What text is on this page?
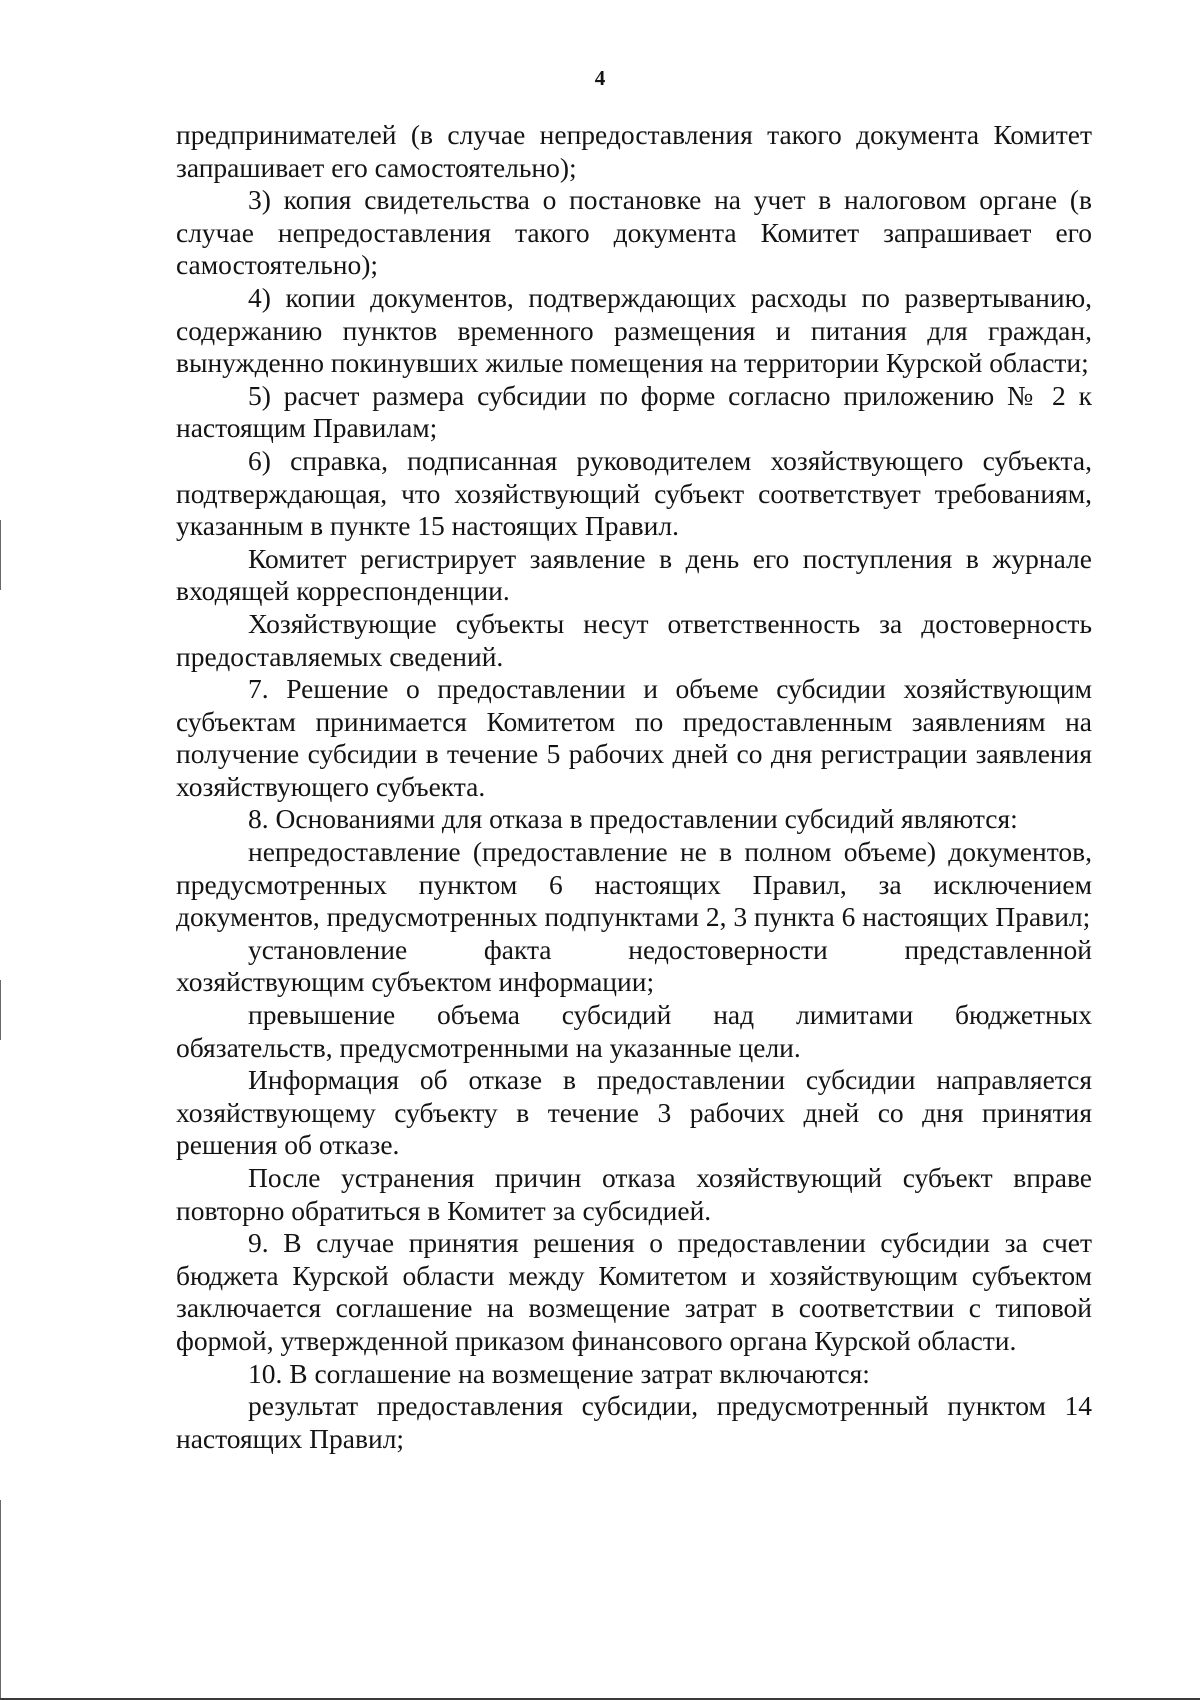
4

предпринимателей (в случае непредоставления такого документа Комитет запрашивает его самостоятельно);

3) копия свидетельства о постановке на учет в налоговом органе (в случае непредоставления такого документа Комитет запрашивает его самостоятельно);

4) копии документов, подтверждающих расходы по развертыванию, содержанию пунктов временного размещения и питания для граждан, вынужденно покинувших жилые помещения на территории Курской области;

5) расчет размера субсидии по форме согласно приложению № 2 к настоящим Правилам;

6) справка, подписанная руководителем хозяйствующего субъекта, подтверждающая, что хозяйствующий субъект соответствует требованиям, указанным в пункте 15 настоящих Правил.

Комитет регистрирует заявление в день его поступления в журнале входящей корреспонденции.

Хозяйствующие субъекты несут ответственность за достоверность предоставляемых сведений.

7. Решение о предоставлении и объеме субсидии хозяйствующим субъектам принимается Комитетом по предоставленным заявлениям на получение субсидии в течение 5 рабочих дней со дня регистрации заявления хозяйствующего субъекта.

8. Основаниями для отказа в предоставлении субсидий являются:

непредоставление (предоставление не в полном объеме) документов, предусмотренных пунктом 6 настоящих Правил, за исключением документов, предусмотренных подпунктами 2, 3 пункта 6 настоящих Правил;

установление факта недостоверности представленной

хозяйствующим субъектом информации;

превышение объема субсидий над лимитами бюджетных

обязательств, предусмотренными на указанные цели.

Информация об отказе в предоставлении субсидии направляется хозяйствующему субъекту в течение 3 рабочих дней со дня принятия решения об отказе.

После устранения причин отказа хозяйствующий субъект вправе повторно обратиться в Комитет за субсидией.

9. В случае принятия решения о предоставлении субсидии за счет бюджета Курской области между Комитетом и хозяйствующим субъектом заключается соглашение на возмещение затрат в соответствии с типовой формой, утвержденной приказом финансового органа Курской области.

10. В соглашение на возмещение затрат включаются:

результат предоставления субсидии, предусмотренный пунктом 14 настоящих Правил;
